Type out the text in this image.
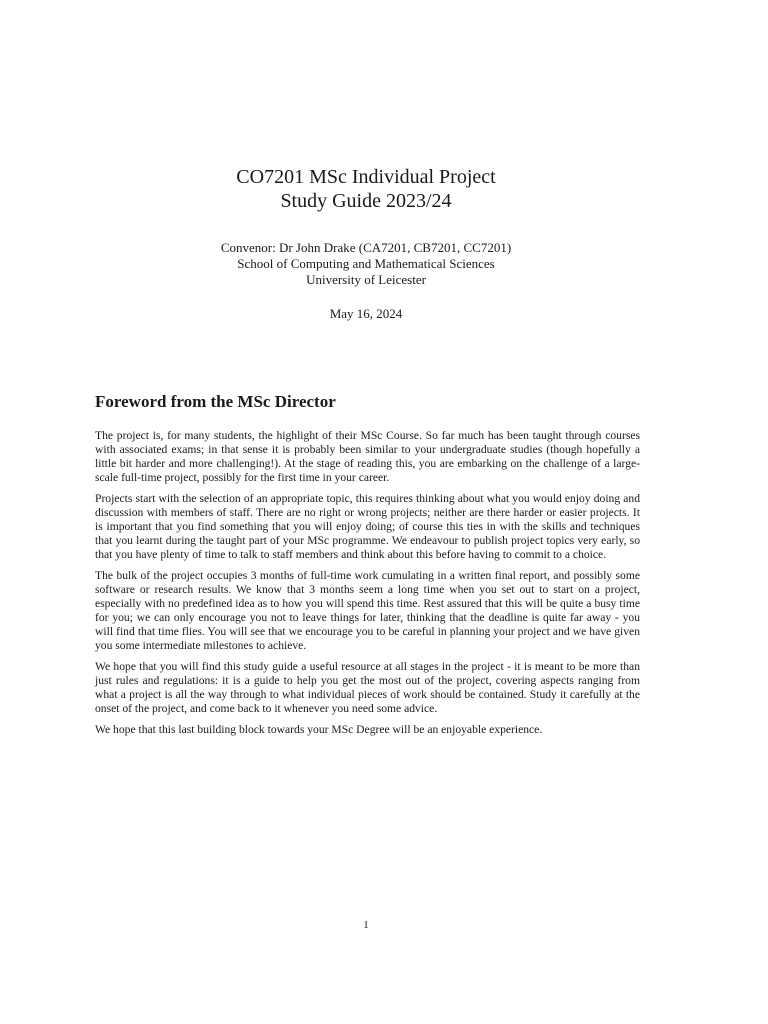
CO7201 MSc Individual Project

Study Guide 2023/24

Convenor: Dr John Drake (CA7201, CB7201, CC7201)

School of Computing and Mathematical Sciences

University of Leicester

May 16, 2024

Foreword from the MSc Director

The project is, for many students, the highlight of their MSc Course. So far much has been taught through courses with associated exams; in that sense it is probably been similar to your undergraduate studies (though hopefully a little bit harder and more challenging!). At the stage of reading this, you are embarking on the challenge of a large-scale full-time project, possibly for the first time in your career.

Projects start with the selection of an appropriate topic, this requires thinking about what you would enjoy doing and discussion with members of staff. There are no right or wrong projects; neither are there harder or easier projects. It is important that you find something that you will enjoy doing; of course this ties in with the skills and techniques that you learnt during the taught part of your MSc programme. We endeavour to publish project topics very early, so that you have plenty of time to talk to staff members and think about this before having to commit to a choice.

The bulk of the project occupies 3 months of full-time work cumulating in a written final report, and possibly some software or research results. We know that 3 months seem a long time when you set out to start on a project, especially with no predefined idea as to how you will spend this time. Rest assured that this will be quite a busy time for you; we can only encourage you not to leave things for later, thinking that the deadline is quite far away - you will find that time flies. You will see that we encourage you to be careful in planning your project and we have given you some intermediate milestones to achieve.

We hope that you will find this study guide a useful resource at all stages in the project - it is meant to be more than just rules and regulations: it is a guide to help you get the most out of the project, covering aspects ranging from what a project is all the way through to what individual pieces of work should be contained. Study it carefully at the onset of the project, and come back to it whenever you need some advice.

We hope that this last building block towards your MSc Degree will be an enjoyable experience.

1
